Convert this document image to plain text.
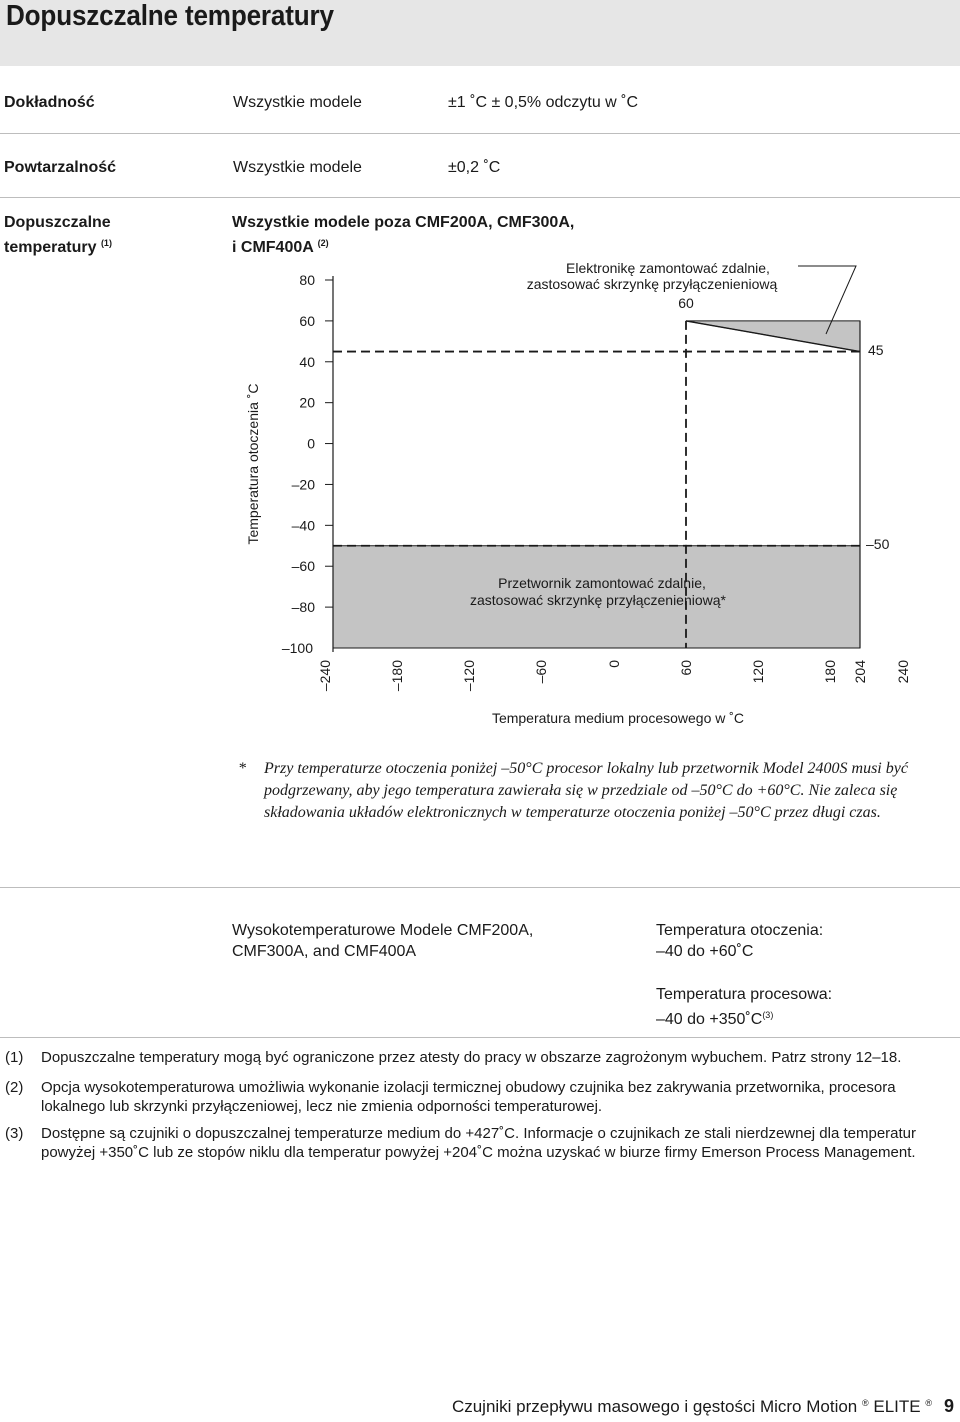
Dopuszczalne temperatury
Dokładność	Wszystkie modele	±1 ˚C ± 0,5% odczytu w ˚C
Powtarzalność	Wszystkie modele	±0,2 ˚C
Dopuszczalne
temperatury $^{(1)}$
Wszystkie modele poza CMF200A, CMF300A,
i CMF400A $^{(2)}$
80
60
40
20
0
–20
–40
–60
–80
–100
–240	–180	–120	–60	0	60	120	180 204 240
Temperatura otoczenia ˚C
Temperatura medium procesowego w ˚C
Elektronikę zamontować zdalnie,
zastosować skrzynkę przyłączenieniową
60
45
–50
Przetwornik zamontować zdalnie,
zastosować skrzynkę przyłączenieniową*
* Przy temperaturze otoczenia poniżej –50°C procesor lokalny lub przetwornik Model 2400S musi być
podgrzewany, aby jego temperatura zawierała się w przedziale od –50°C do +60°C. Nie zaleca się
składowania układów elektronicznych w temperaturze otoczenia poniżej –50°C przez długi czas.
Wysokotemperaturowe Modele CMF200A,
CMF300A, and CMF400A
Temperatura otoczenia:
–40 do +60˚C
Temperatura procesowa:
–40 do $+350˚C^{(3)}$
(1) Dopuszczalne temperatury mogą być ograniczone przez atesty do pracy w obszarze zagrożonym wybuchem. Patrz strony 12–18.
(2) Opcja wysokotemperaturowa umożliwia wykonanie izolacji termicznej obudowy czujnika bez zakrywania przetwornika, procesora lokalnego lub skrzynki przyłączeniowej, lecz nie zmienia odporności temperaturowej.
(3) Dostępne są czujniki o dopuszczalnej temperaturze medium do +427˚C. Informacje o czujnikach ze stali nierdzewnej dla temperatur powyżej +350˚C lub ze stopów niklu dla temperatur powyżej +204˚C można uzyskać w biurze firmy Emerson Process Management.
Czujniki przepływu masowego i gęstości Micro Motion ® ELITE ® 9
